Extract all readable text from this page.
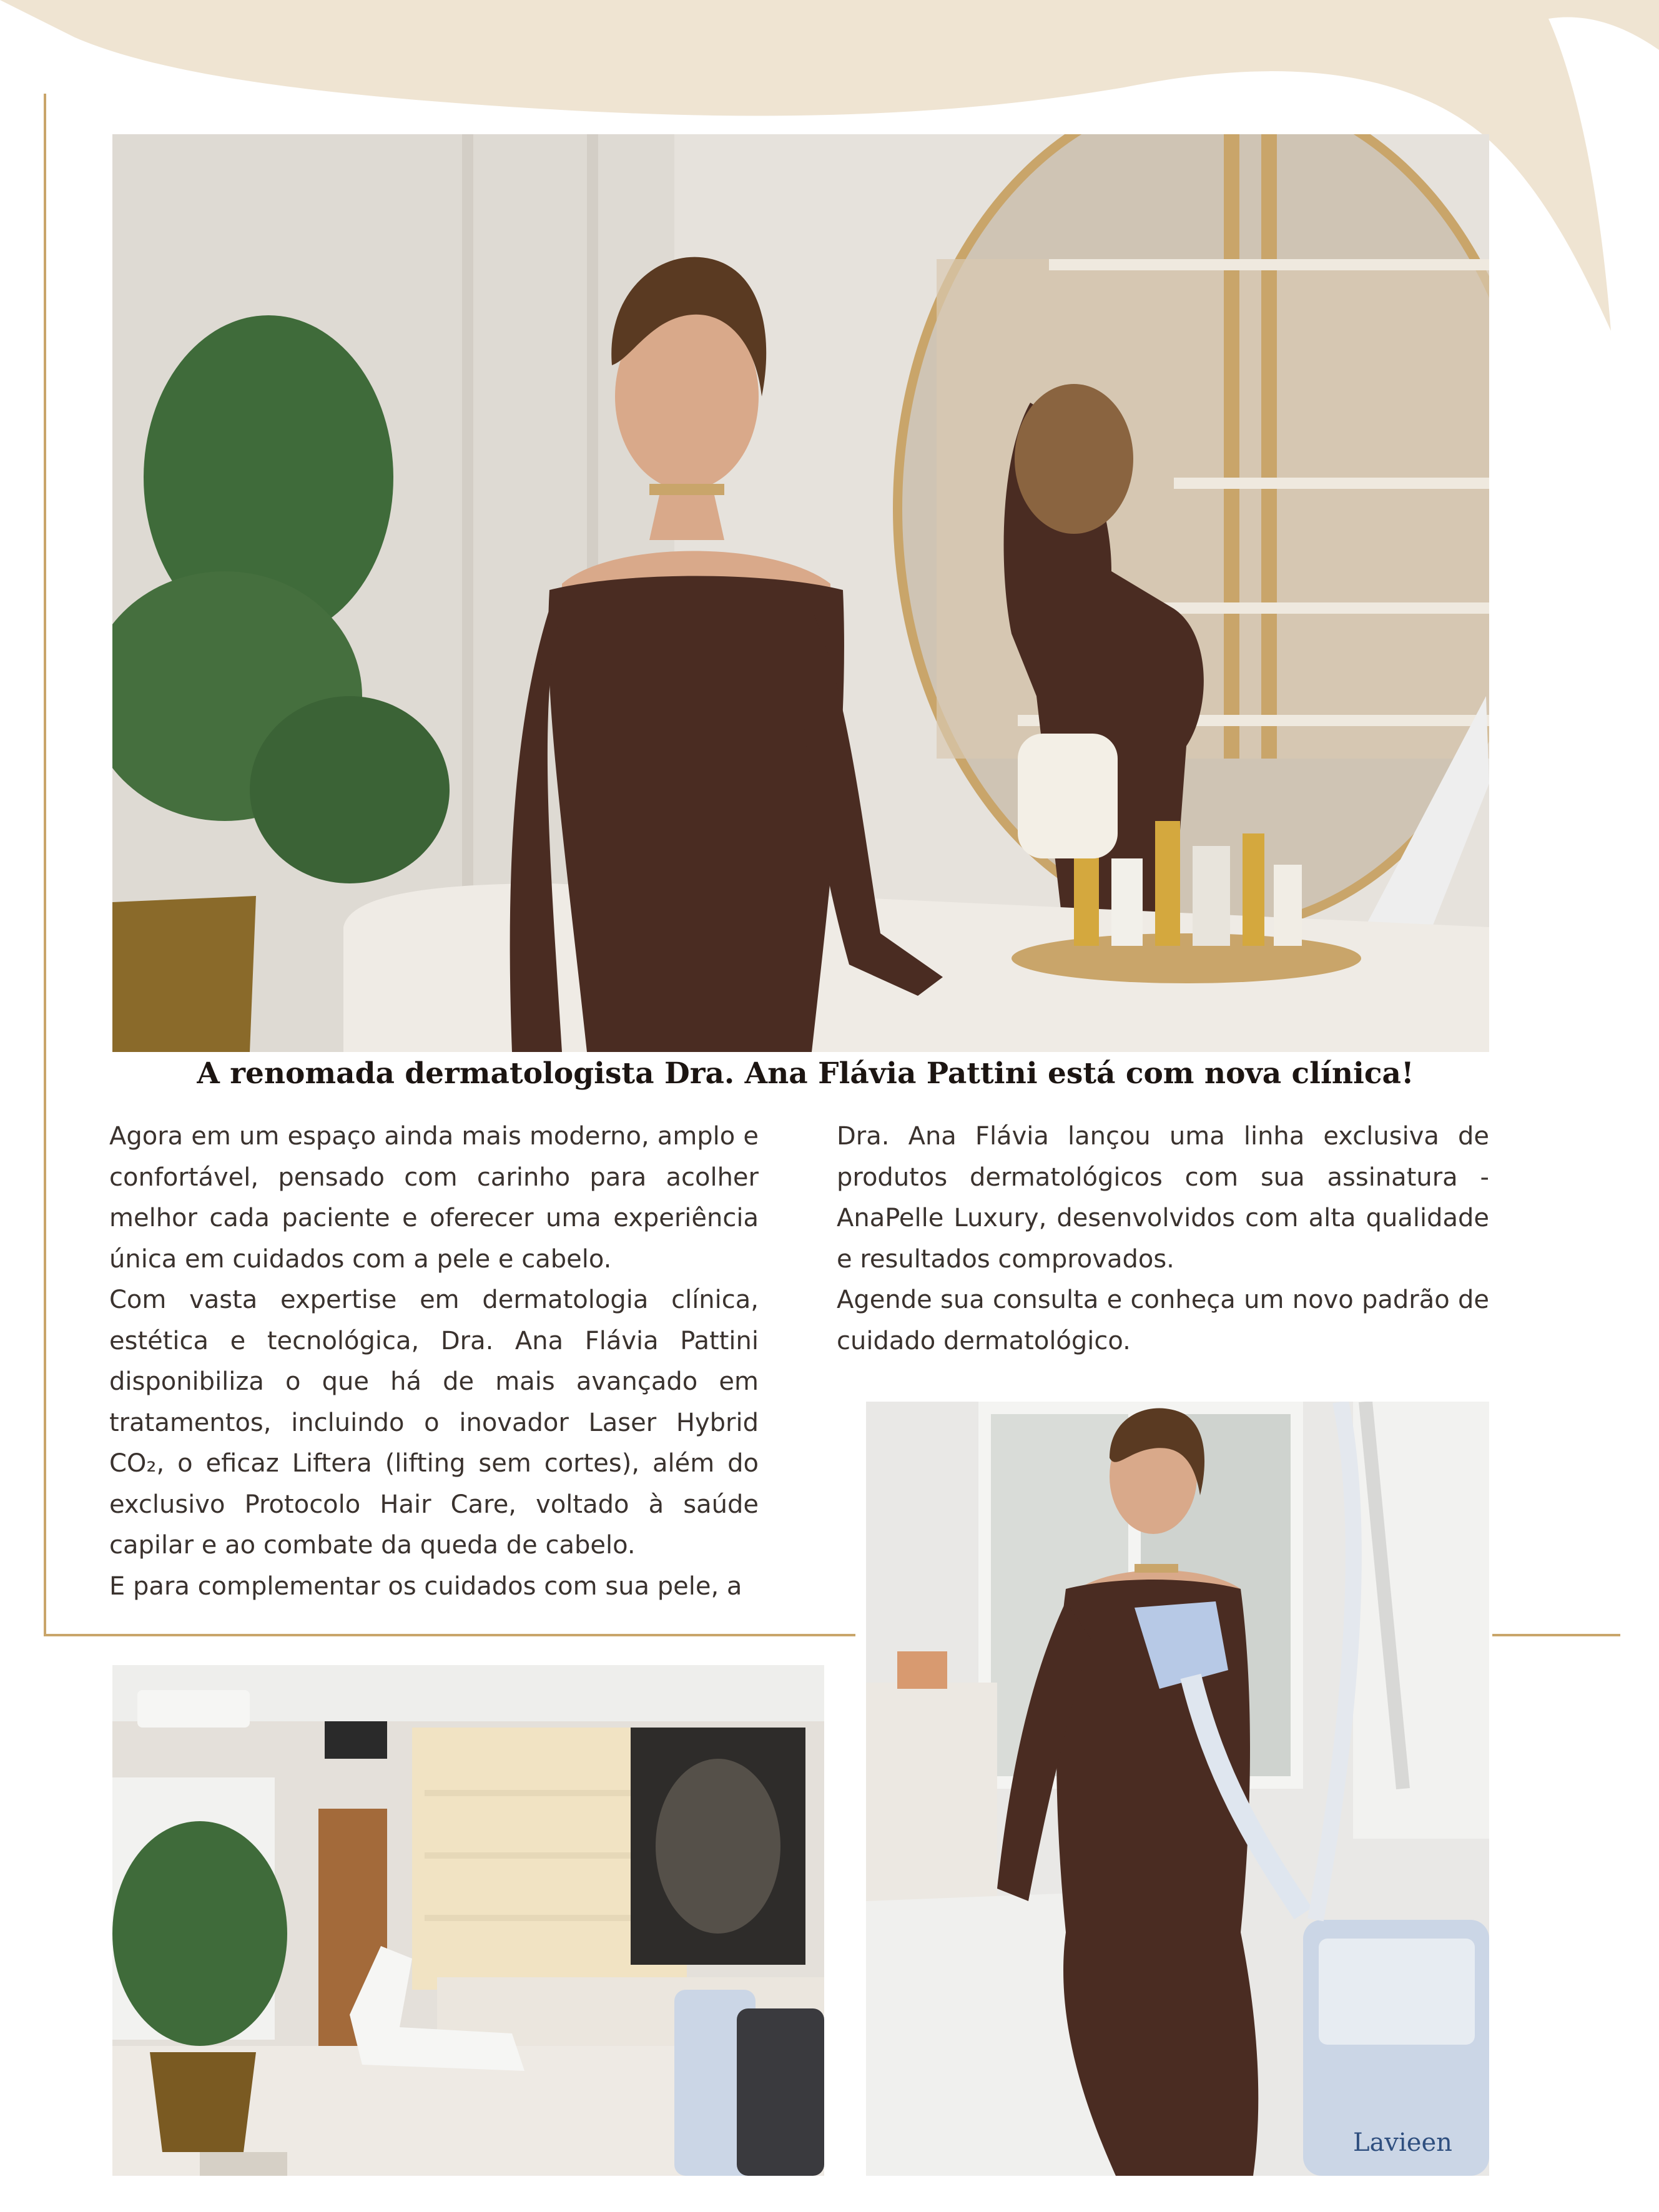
A renomada dermatologista Dra. Ana Flávia Pattini está com nova clínica!

Agora em um espaço ainda mais moderno, amplo e confortável, pensado com carinho para acolher melhor cada paciente e oferecer uma experiência única em cuidados com a pele e cabelo.

Com vasta expertise em dermatologia clínica, estética e tecnológica, Dra. Ana Flávia Pattini disponibiliza o que há de mais avançado em tratamentos, incluindo o inovador Laser Hybrid CO₂, o eficaz Liftera (lifting sem cortes), além do exclusivo Protocolo Hair Care, voltado à saúde capilar e ao combate da queda de cabelo.

E para complementar os cuidados com sua pele, a

Dra. Ana Flávia lançou uma linha exclusiva de produtos dermatológicos com sua assinatura - AnaPelle Luxury, desenvolvidos com alta qualidade e resultados comprovados.

Agende sua consulta e conheça um novo padrão de cuidado dermatológico.

Lavieen
